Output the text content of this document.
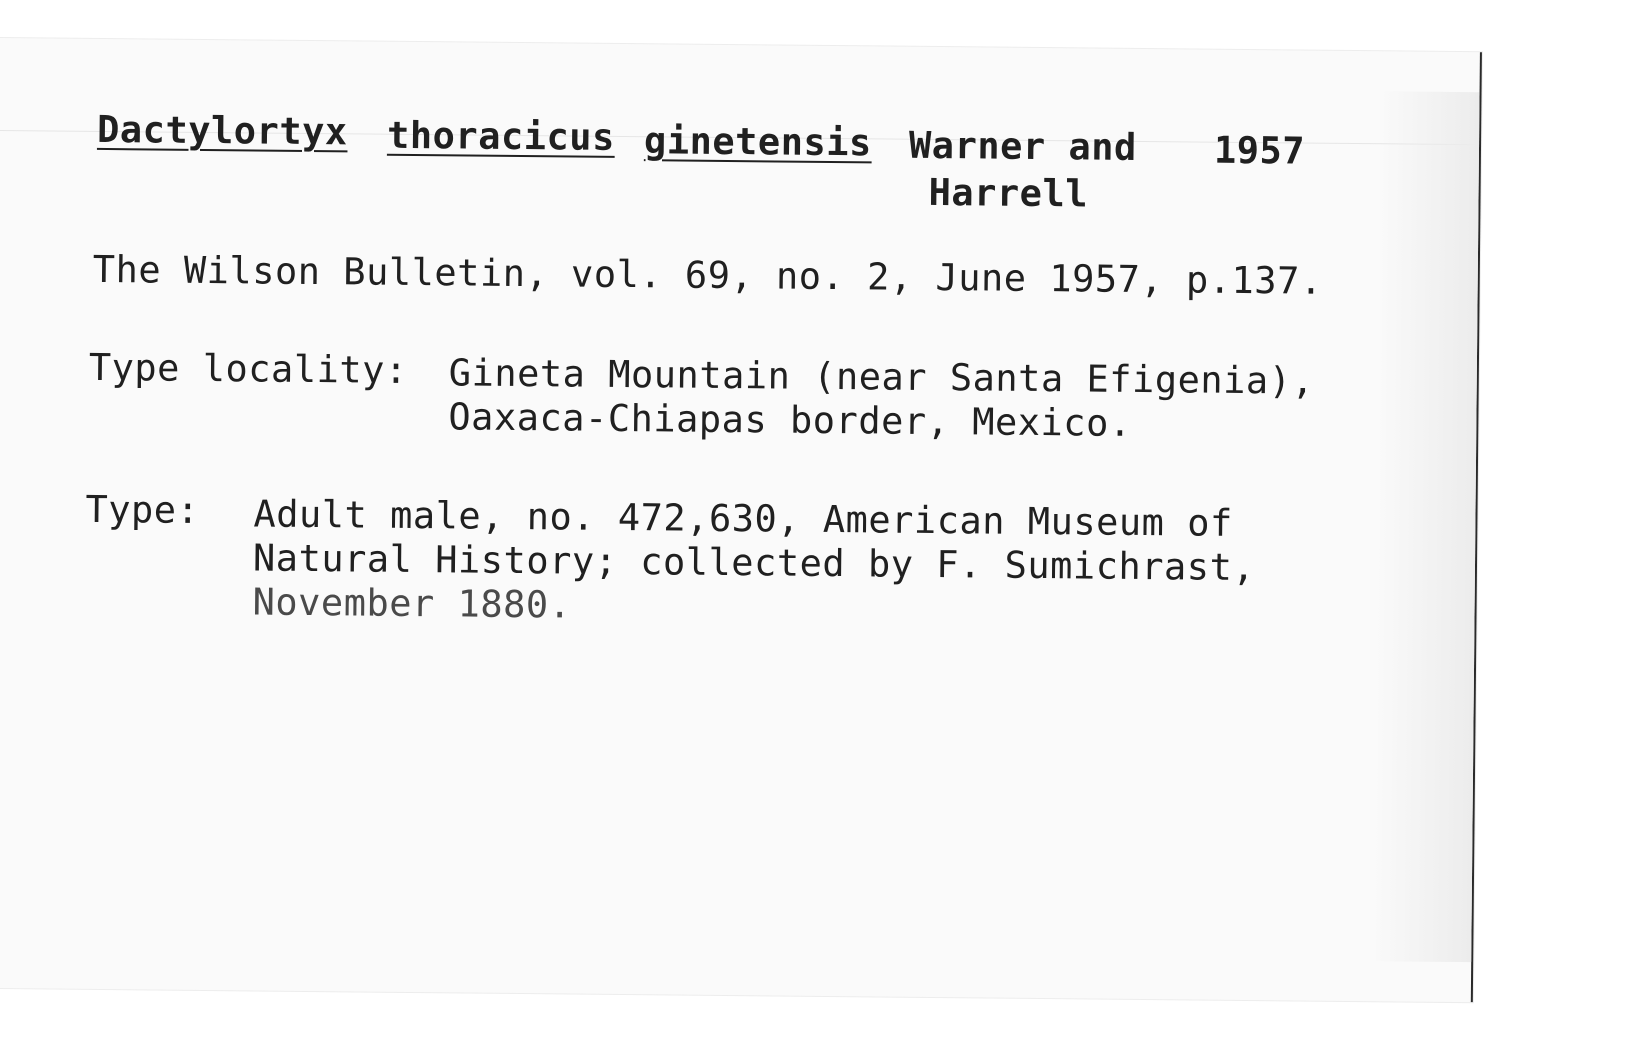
Dactylortyx thoracicus ginetensis Warner and 1957
Harrell
The Wilson Bulletin, vol. 69, no. 2, June 1957, p.137.
Type locality: Gineta Mountain (near Santa Efigenia),
Oaxaca-Chiapas border, Mexico.
Type: Adult male, no. 472,630, American Museum of
Natural History; collected by F. Sumichrast,
November 1880.
